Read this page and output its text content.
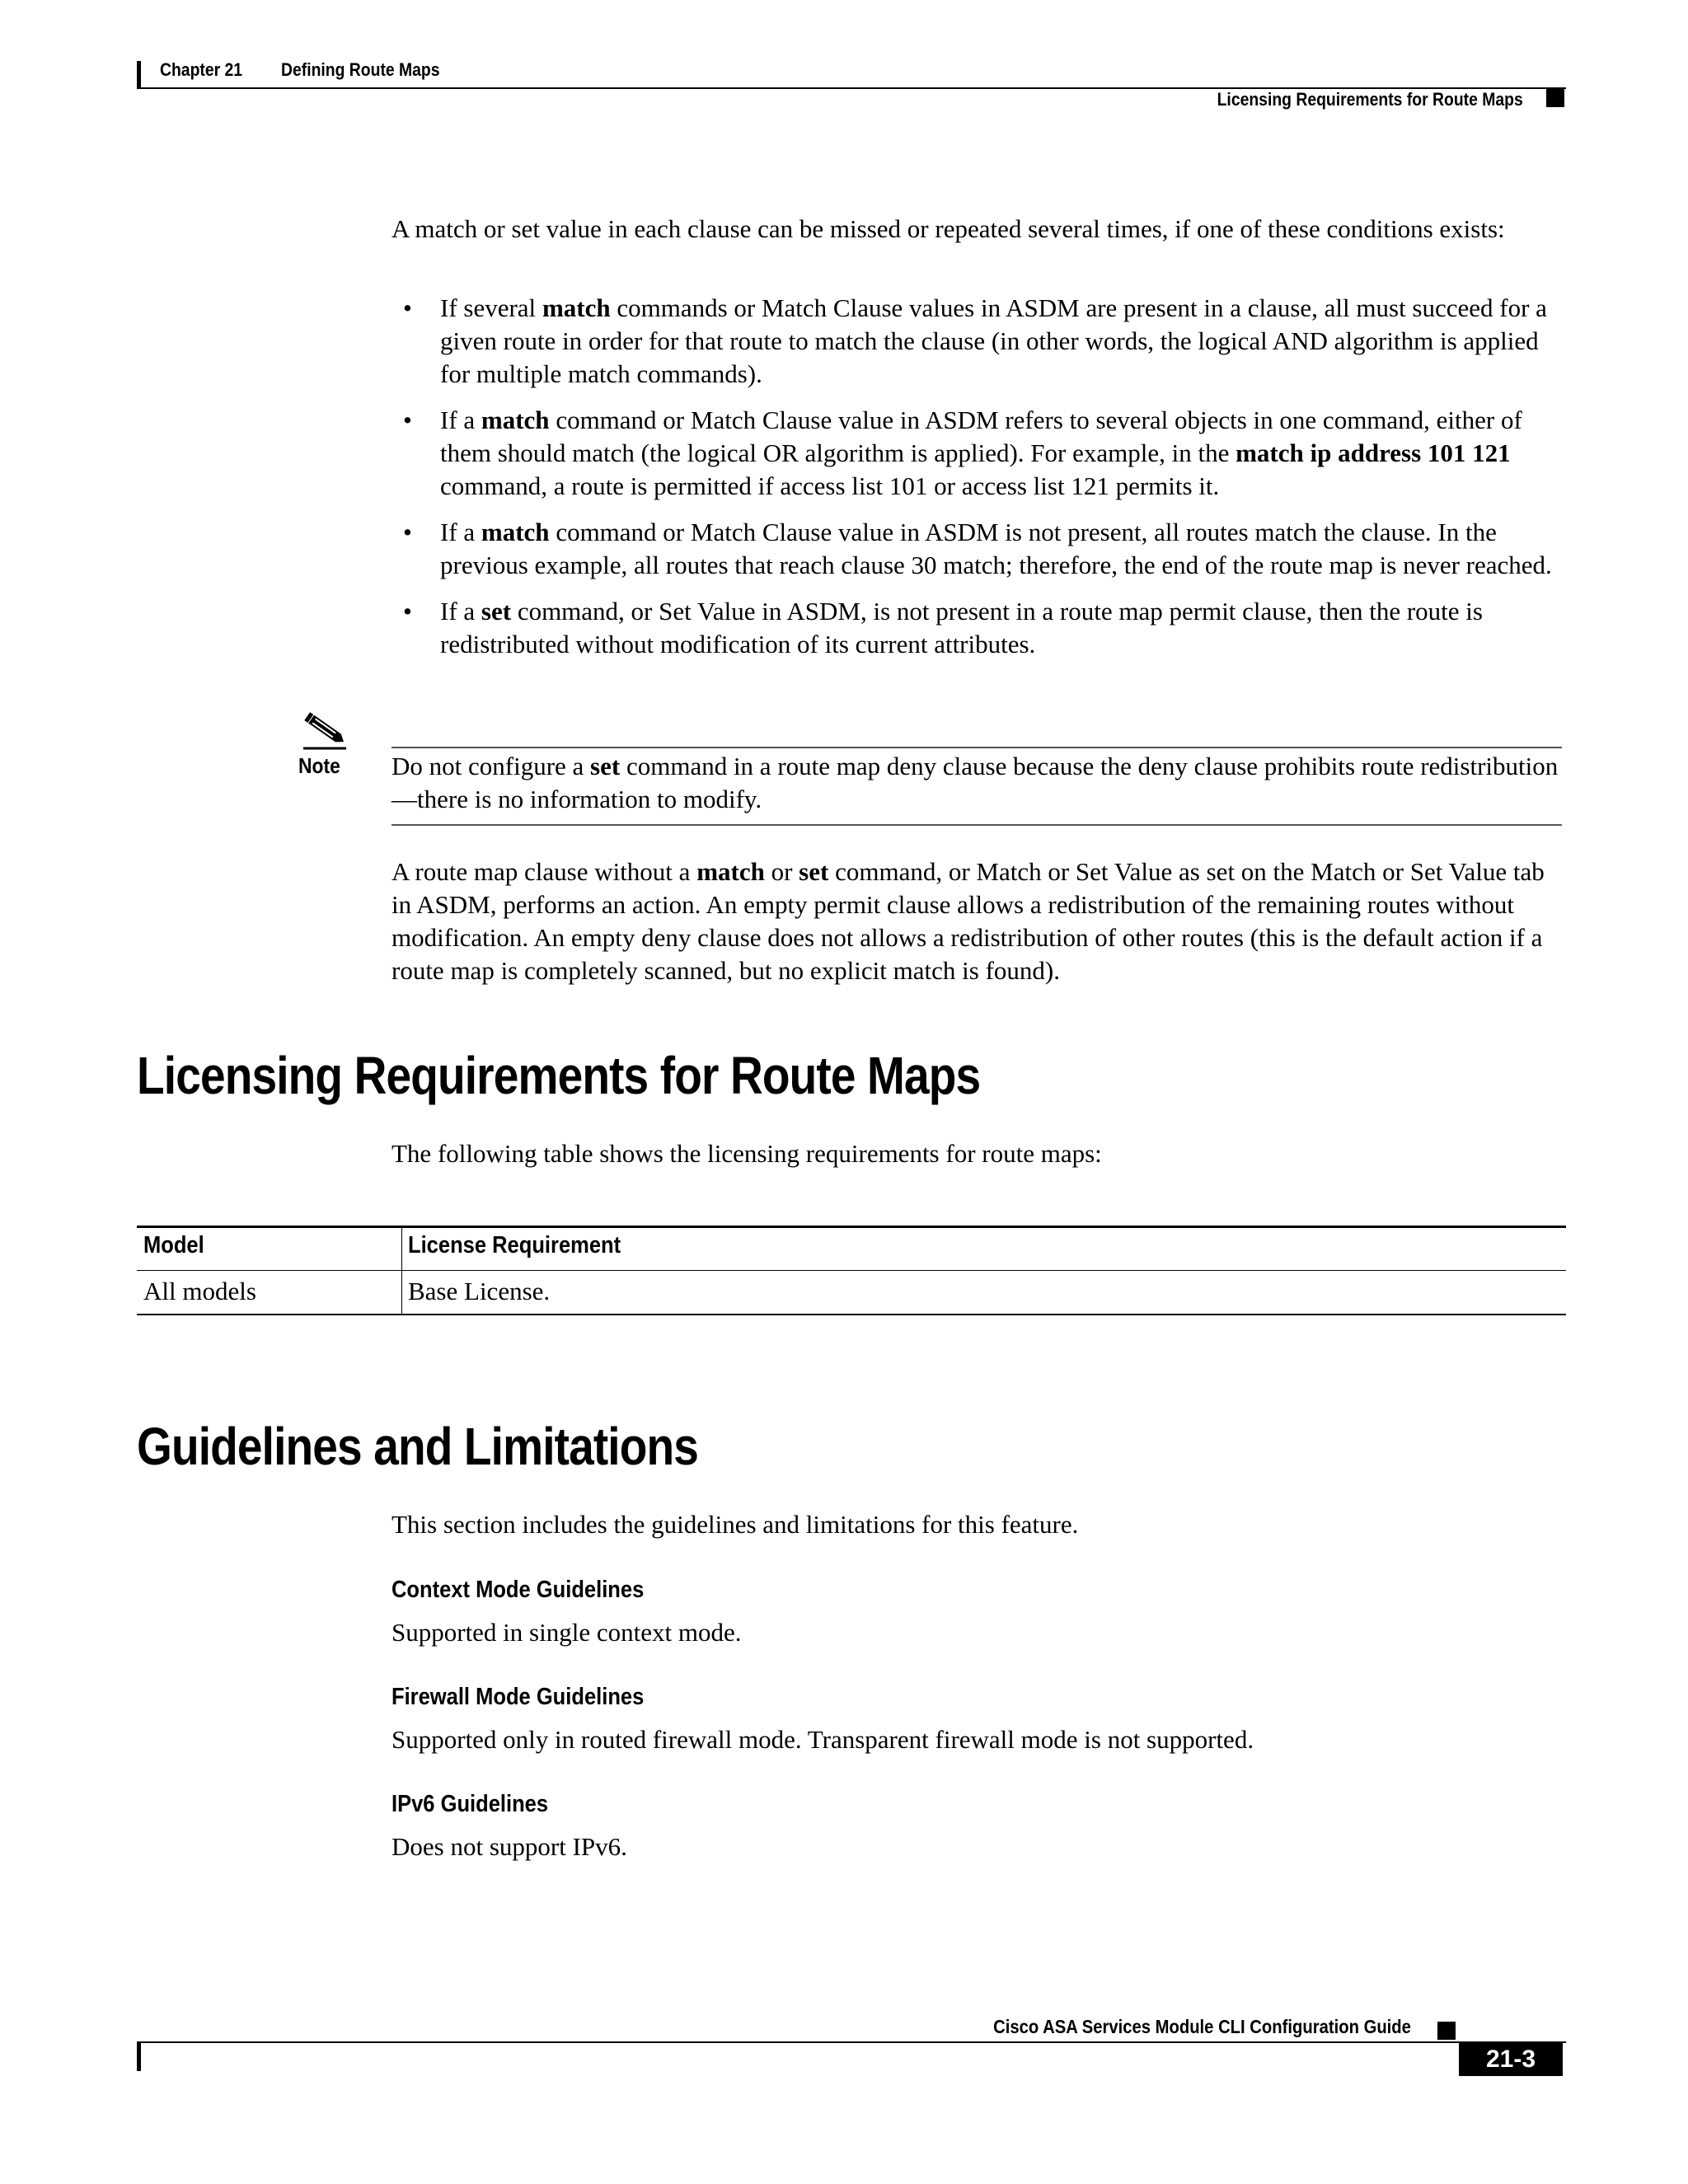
Chapter 21 Defining Route Maps
Licensing Requirements for Route Maps
A match or set value in each clause can be missed or repeated several times, if one of these conditions exists:
• If several match commands or Match Clause values in ASDM are present in a clause, all must succeed for a given route in order for that route to match the clause (in other words, the logical AND algorithm is applied for multiple match commands).
• If a match command or Match Clause value in ASDM refers to several objects in one command, either of them should match (the logical OR algorithm is applied). For example, in the match ip address 101 121 command, a route is permitted if access list 101 or access list 121 permits it.
• If a match command or Match Clause value in ASDM is not present, all routes match the clause. In the previous example, all routes that reach clause 30 match; therefore, the end of the route map is never reached.
• If a set command, or Set Value in ASDM, is not present in a route map permit clause, then the route is redistributed without modification of its current attributes.
Note Do not configure a set command in a route map deny clause because the deny clause prohibits route redistribution—there is no information to modify.
A route map clause without a match or set command, or Match or Set Value as set on the Match or Set Value tab in ASDM, performs an action. An empty permit clause allows a redistribution of the remaining routes without modification. An empty deny clause does not allows a redistribution of other routes (this is the default action if a route map is completely scanned, but no explicit match is found).
Licensing Requirements for Route Maps
The following table shows the licensing requirements for route maps:
Model	License Requirement
All models	Base License.
Guidelines and Limitations
This section includes the guidelines and limitations for this feature.
Context Mode Guidelines
Supported in single context mode.
Firewall Mode Guidelines
Supported only in routed firewall mode. Transparent firewall mode is not supported.
IPv6 Guidelines
Does not support IPv6.
Cisco ASA Services Module CLI Configuration Guide
21-3
